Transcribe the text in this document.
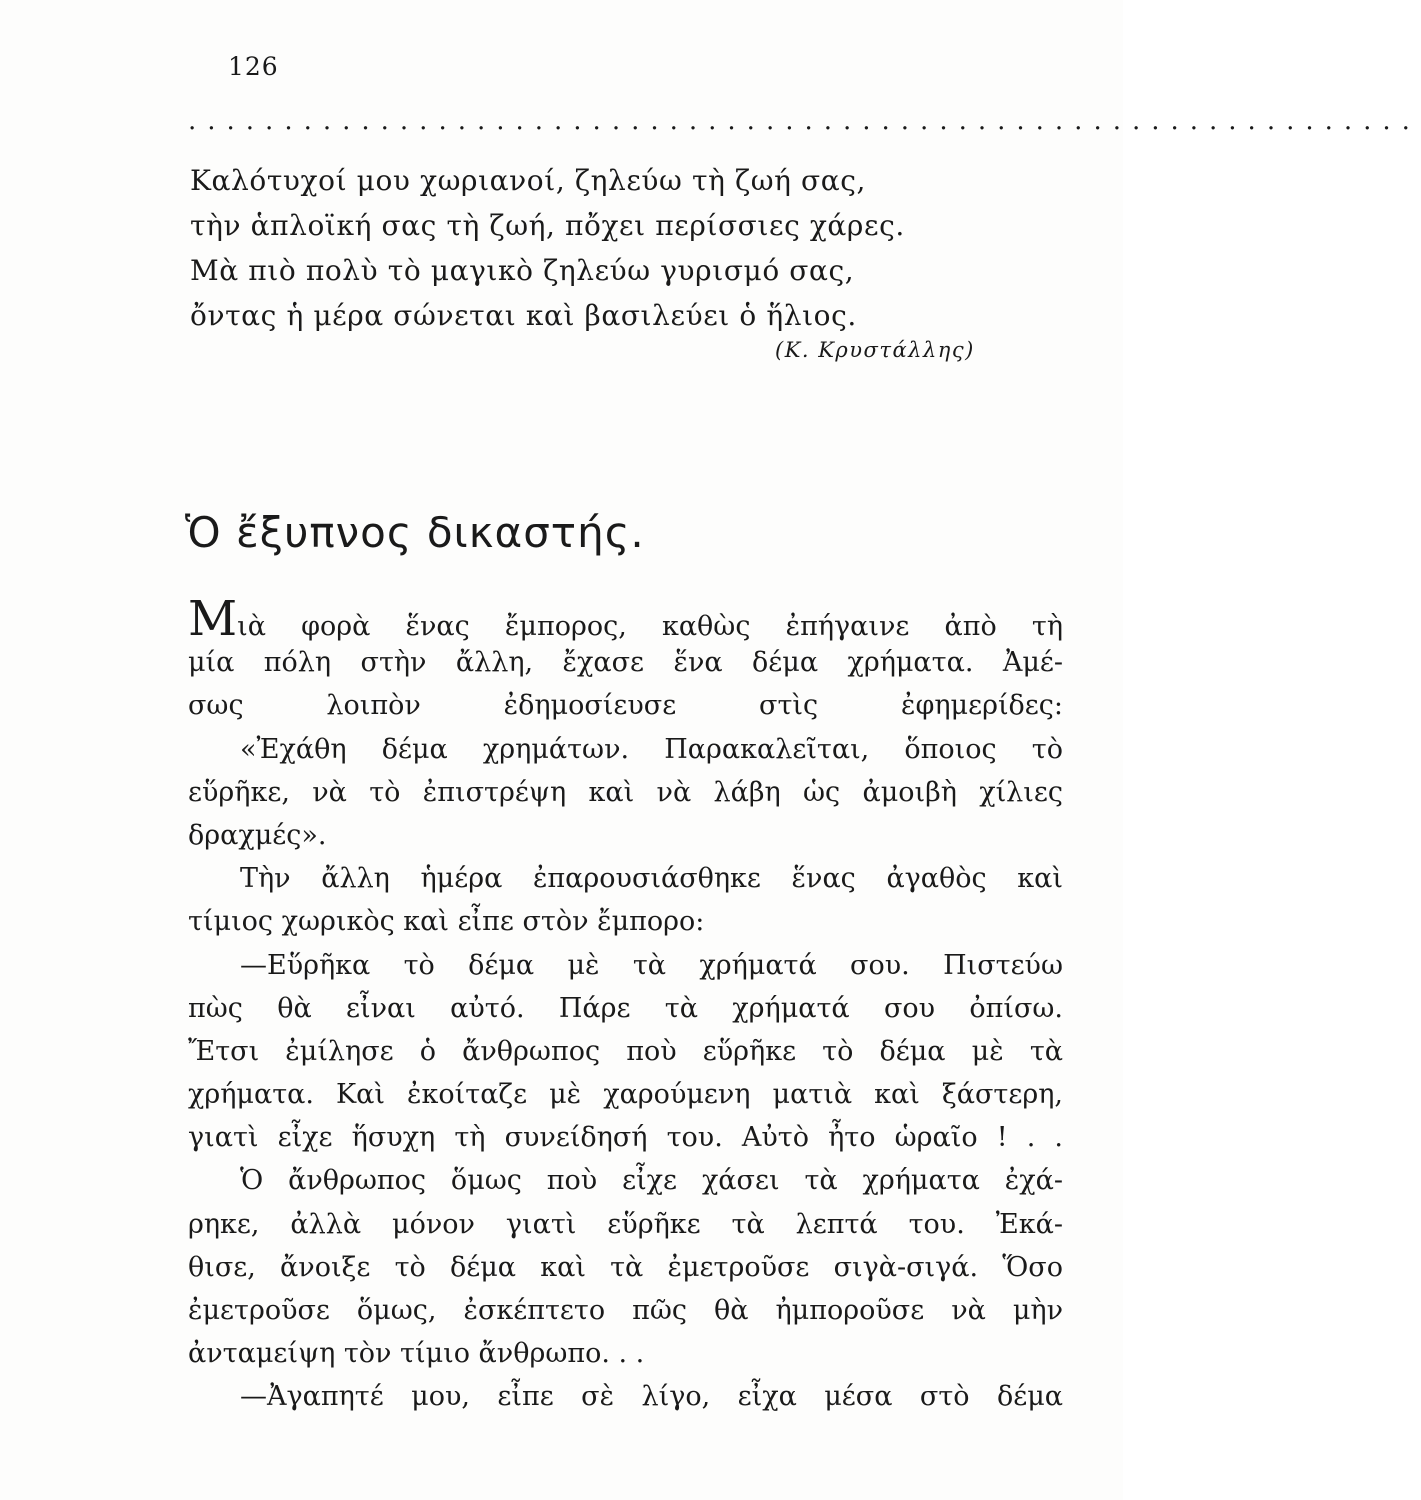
126
................................................................
Καλότυχοί μου χωριανοί, ζηλεύω τὴ ζωή σας,
τὴν ἁπλοϊκή σας τὴ ζωή, πὄχει περίσσιες χάρες.
Μὰ πιὸ πολὺ τὸ μαγικὸ ζηλεύω γυρισμό σας,
ὄντας ἡ μέρα σώνεται καὶ βασιλεύει ὁ ἥλιος.
(Κ. Κρυστάλλης)
Ὁ ἔξυπνος δικαστής.
Μιὰ φορὰ ἕνας ἔμπορος, καθὼς ἐπήγαινε ἀπὸ τὴ
μία πόλη στὴν ἄλλη, ἔχασε ἕνα δέμα χρήματα. Ἀμέ-
σως λοιπὸν ἐδημοσίευσε στὶς ἐφημερίδες:
«Ἐχάθη δέμα χρημάτων. Παρακαλεῖται, ὅποιος τὸ
εὕρῆκε, νὰ τὸ ἐπιστρέψη καὶ νὰ λάβη ὡς ἀμοιβὴ χίλιες
δραχμές».
Τὴν ἄλλη ἡμέρα ἐπαρουσιάσθηκε ἕνας ἀγαθὸς καὶ
τίμιος χωρικὸς καὶ εἶπε στὸν ἔμπορο:
—Εὕρῆκα τὸ δέμα μὲ τὰ χρήματά σου. Πιστεύω
πὼς θὰ εἶναι αὐτό. Πάρε τὰ χρήματά σου ὀπίσω.
Ἔτσι ἐμίλησε ὁ ἄνθρωπος ποὺ εὕρῆκε τὸ δέμα μὲ τὰ
χρήματα. Καὶ ἐκοίταζε μὲ χαρούμενη ματιὰ καὶ ξάστερη,
γιατὶ εἶχε ἥσυχη τὴ συνείδησή του. Αὐτὸ ἦτο ὡραῖο ! . .
Ὁ ἄνθρωπος ὅμως ποὺ εἶχε χάσει τὰ χρήματα ἐχά-
ρηκε, ἀλλὰ μόνον γιατὶ εὕρῆκε τὰ λεπτά του. Ἐκά-
θισε, ἄνοιξε τὸ δέμα καὶ τὰ ἐμετροῦσε σιγὰ-σιγά. Ὅσο
ἐμετροῦσε ὅμως, ἐσκέπτετο πῶς θὰ ἠμποροῦσε νὰ μὴν
ἀνταμείψη τὸν τίμιο ἄνθρωπο. . .
—Ἀγαπητέ μου, εἶπε σὲ λίγο, εἶχα μέσα στὸ δέμα
